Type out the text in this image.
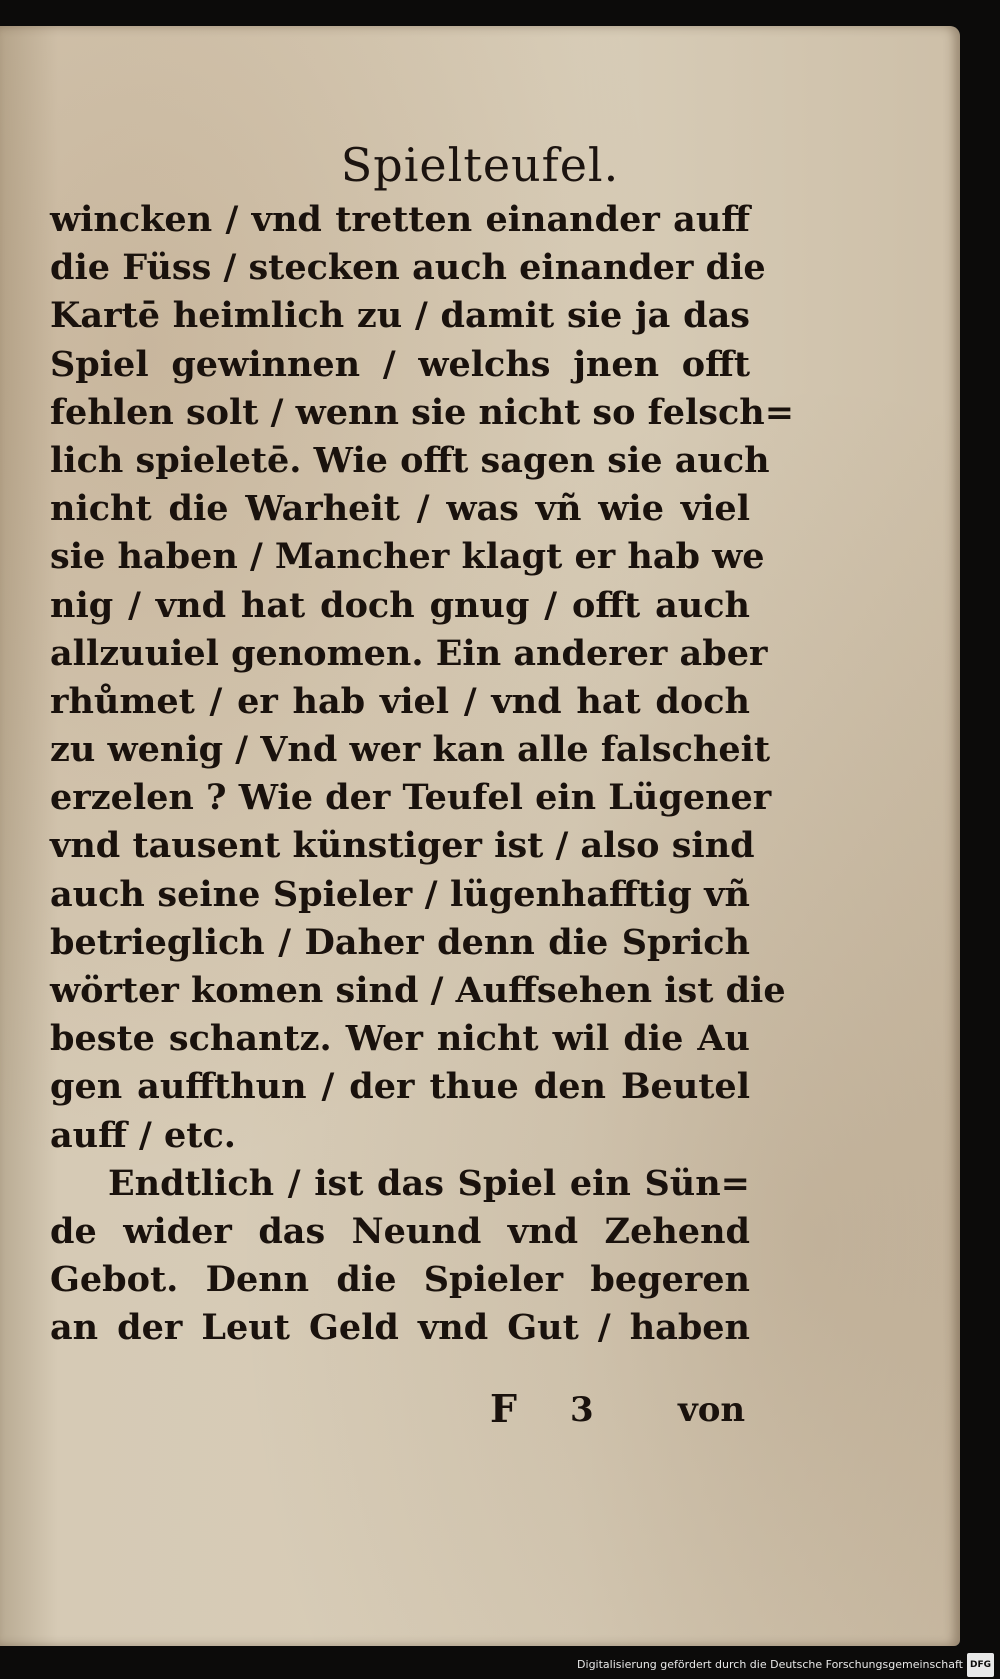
Spielteufel.
wincken / vnd tretten einander auff
die Füss / stecken auch einander die
Kartē heimlich zu / damit sie ja das
Spiel gewinnen / welchs jnen offt
fehlen solt / wenn sie nicht so felsch=
lich spieletē. Wie offt sagen sie auch
nicht die Warheit / was vñ wie viel
sie haben / Mancher klagt er hab we
nig / vnd hat doch gnug / offt auch
allzuuiel genomen. Ein anderer aber
rhůmet / er hab viel / vnd hat doch
zu wenig / Vnd wer kan alle falscheit
erzelen ? Wie der Teufel ein Lügener
vnd tausent künstiger ist / also sind
auch seine Spieler / lügenhafftig vñ
betrieglich / Daher denn die Sprich
wörter komen sind / Auffsehen ist die
beste schantz. Wer nicht wil die Au
gen auffthun / der thue den Beutel
auff / etc.
Endtlich / ist das Spiel ein Sün=
de wider das Neund vnd Zehend
Gebot. Denn die Spieler begeren
an der Leut Geld vnd Gut / haben
F 3 von
Digitalisierung gefördert durch die Deutsche Forschungsgemeinschaft DFG
